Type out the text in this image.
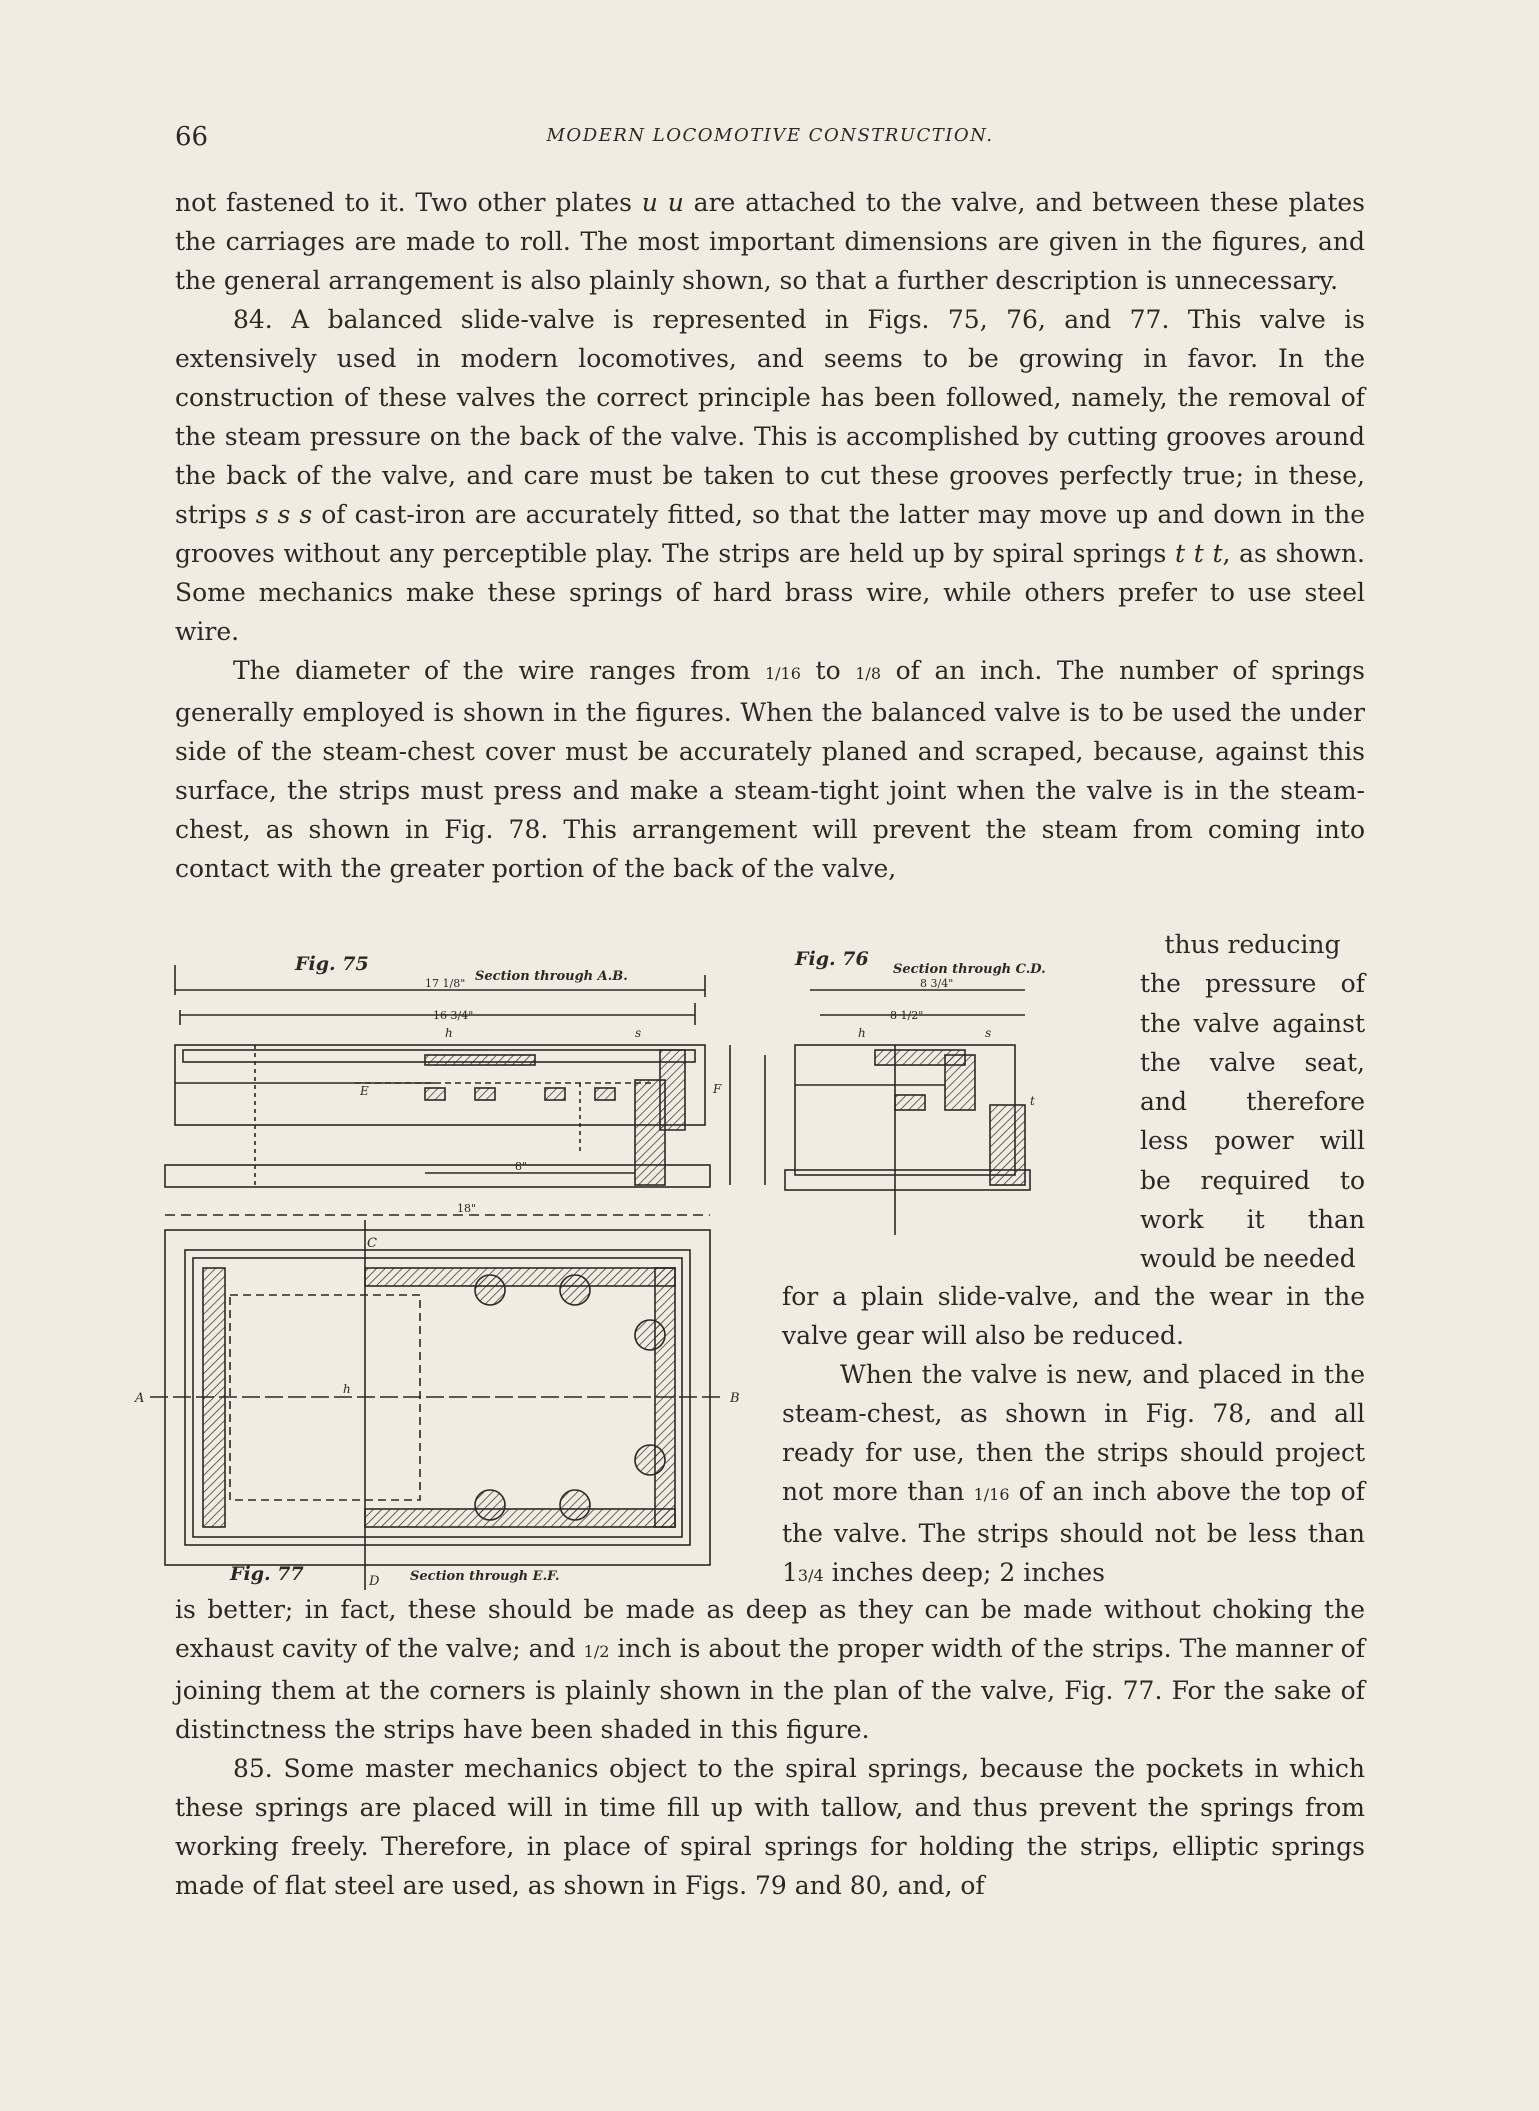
66	MODERN LOCOMOTIVE CONSTRUCTION.

not fastened to it. Two other plates u u are attached to the valve, and between these plates the carriages are made to roll. The most important dimensions are given in the figures, and the general arrangement is also plainly shown, so that a further description is unnecessary.

84. A balanced slide-valve is represented in Figs. 75, 76, and 77. This valve is extensively used in modern locomotives, and seems to be growing in favor. In the construction of these valves the correct principle has been followed, namely, the removal of the steam pressure on the back of the valve. This is accomplished by cutting grooves around the back of the valve, and care must be taken to cut these grooves perfectly true; in these, strips s s s of cast-iron are accurately fitted, so that the latter may move up and down in the grooves without any perceptible play. The strips are held up by spiral springs t t t, as shown. Some mechanics make these springs of hard brass wire, while others prefer to use steel wire.

The diameter of the wire ranges from 1/16 to 1/8 of an inch. The number of springs generally employed is shown in the figures. When the balanced valve is to be used the under side of the steam-chest cover must be accurately planed and scraped, because, against this surface, the strips must press and make a steam-tight joint when the valve is in the steam-chest, as shown in Fig. 78. This arrangement will prevent the steam from coming into contact with the greater portion of the back of the valve,

thus reducing
the pressure of
the valve against
the valve seat,
and therefore
less power will
be required to
work it than
would be needed

for a plain slide-valve, and the wear in the valve gear will also be reduced.

When the valve is new, and placed in the steam-chest, as shown in Fig. 78, and all ready for use, then the strips should project not more than 1/16 of an inch above the top of the valve. The strips should not be less than 13/4 inches deep; 2 inches

is better; in fact, these should be made as deep as they can be made without choking the exhaust cavity of the valve; and 1/2 inch is about the proper width of the strips. The manner of joining them at the corners is plainly shown in the plan of the valve, Fig. 77. For the sake of distinctness the strips have been shaded in this figure.

85. Some master mechanics object to the spiral springs, because the pockets in which these springs are placed will in time fill up with tallow, and thus prevent the springs from working freely. Therefore, in place of spiral springs for holding the strips, elliptic springs made of flat steel are used, as shown in Figs. 79 and 80, and, of

Fig. 75
Section through A.B.
17 1/8"
16 3/4"
s
h
E	F
8"
18"
Fig. 76 Section through C.D.
8 3/4"
8 1/2"
s
h
t
A	B
C
D
h
Fig. 77	Section through E.F.
